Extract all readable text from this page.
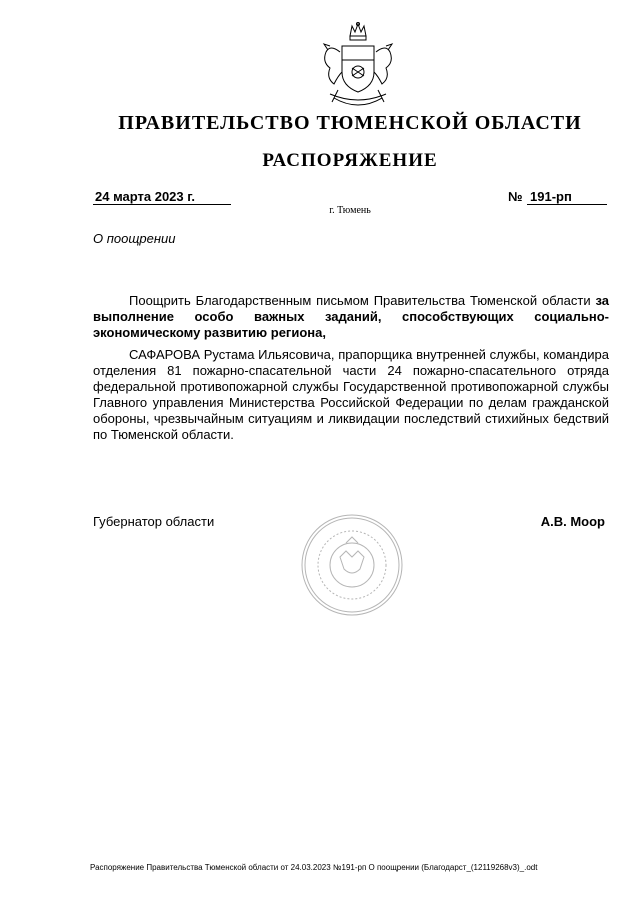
ПРАВИТЕЛЬСТВО ТЮМЕНСКОЙ ОБЛАСТИ
РАСПОРЯЖЕНИЕ
24 марта 2023 г.	№ 191-рп
г. Тюмень
О поощрении

Поощрить Благодарственным письмом Правительства Тюменской области за выполнение особо важных заданий, способствующих социально-экономическому развитию региона,

САФАРОВА Рустама Ильясовича, прапорщика внутренней службы, командира отделения 81 пожарно-спасательной части 24 пожарно-спасательного отряда федеральной противопожарной службы Государственной противопожарной службы Главного управления Министерства Российской Федерации по делам гражданской обороны, чрезвычайным ситуациям и ликвидации последствий стихийных бедствий по Тюменской области.

Губернатор области	А.В. Моор
Распоряжение Правительства Тюменской области от 24.03.2023 №191-рп О поощрении (Благодарст_(12119268v3)_.odt
